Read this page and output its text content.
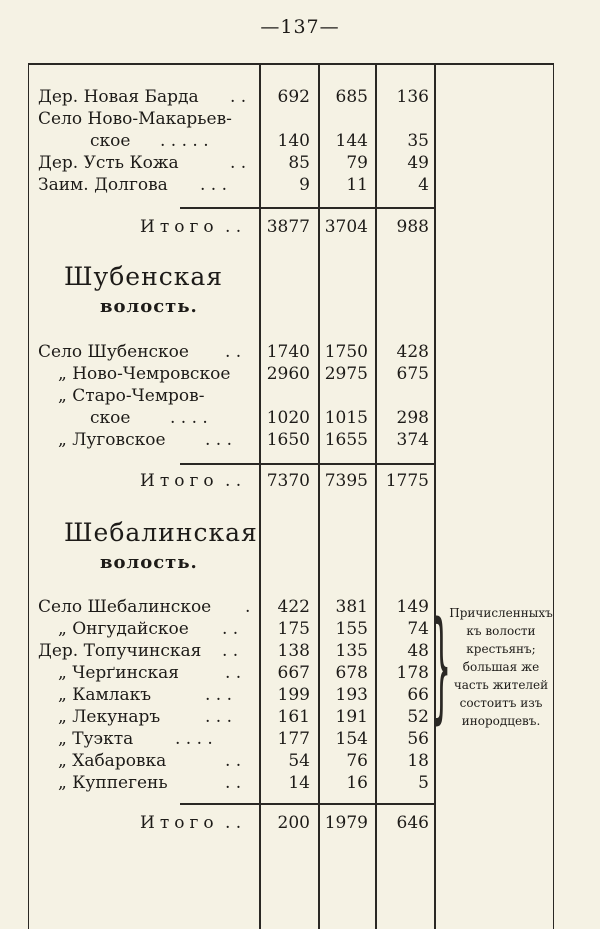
—137—
Дер. Новая Барда . .	692	685	136
Село Ново-Макарьев-
ское . . . . .	140	144	35
Дер. Усть Кожа	. .	85	79	49
Заим. Долгова . . .	9	11	4
Итого . . 3877 3704	988
Шубенская
волость.
Село Шубенское . . 1740 1750	428
„ Ново-Чемровское 2960 2975	675
„ Старо-Чемров-
ское . . . .	1020 1015	298
„ Луговское . . . 1650 1655	374
Итого . . 7370 7395	1775
Шебалинская
волость.
Село Шебалинское .	422	381	149
„ Онгудайское . .	175	155	74
Дер. Топучинская . .	138	135	48
„ Черґинская	. .	667	678	178
„ Камлакъ	. . .	199	193	66
„ Лекунаръ	. . .	161	191	52
„ Туэкта . . . .	177	154	56
„ Хабаровка	. .	54	76	18
„ Куппегень	. .	14	16	5
Итого . .	200 1979	646
}
Причисленныхъ
къ волости
крестьянъ;
большая же
часть жителей
состоитъ изъ
инородцевъ.
